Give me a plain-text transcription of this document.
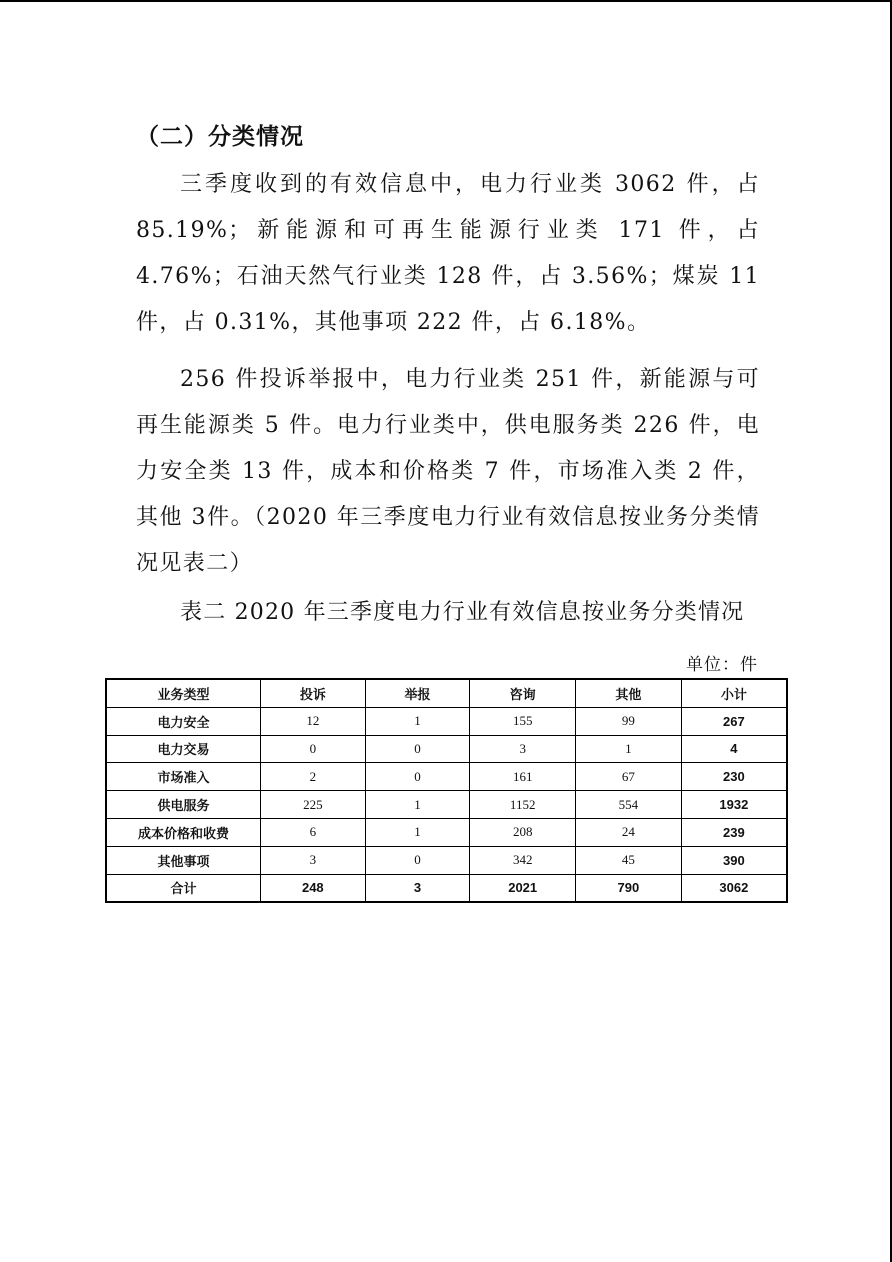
（二）分类情况

三季度收到的有效信息中，电力行业类 3062 件，占85.19%；新能源和可再生能源行业类 171 件，占 4.76%；石油天然气行业类 128 件，占 3.56%；煤炭 11 件，占 0.31%，其他事项 222 件，占 6.18%。

256 件投诉举报中，电力行业类 251 件，新能源与可再生能源类 5 件。电力行业类中，供电服务类 226 件，电力安全类 13 件，成本和价格类 7 件，市场准入类 2 件，其他 3件。（2020 年三季度电力行业有效信息按业务分类情况见表二）

表二 2020 年三季度电力行业有效信息按业务分类情况
单位：件
业务类型	投诉	举报	咨询	其他	小计
电力安全	12	1	155	99	267
电力交易	0	0	3	1	4
市场准入	2	0	161	67	230
供电服务	225	1	1152	554	1932
成本价格和收费	6	1	208	24	239
其他事项	3	0	342	45	390
合计	248	3	2021	790	3062
